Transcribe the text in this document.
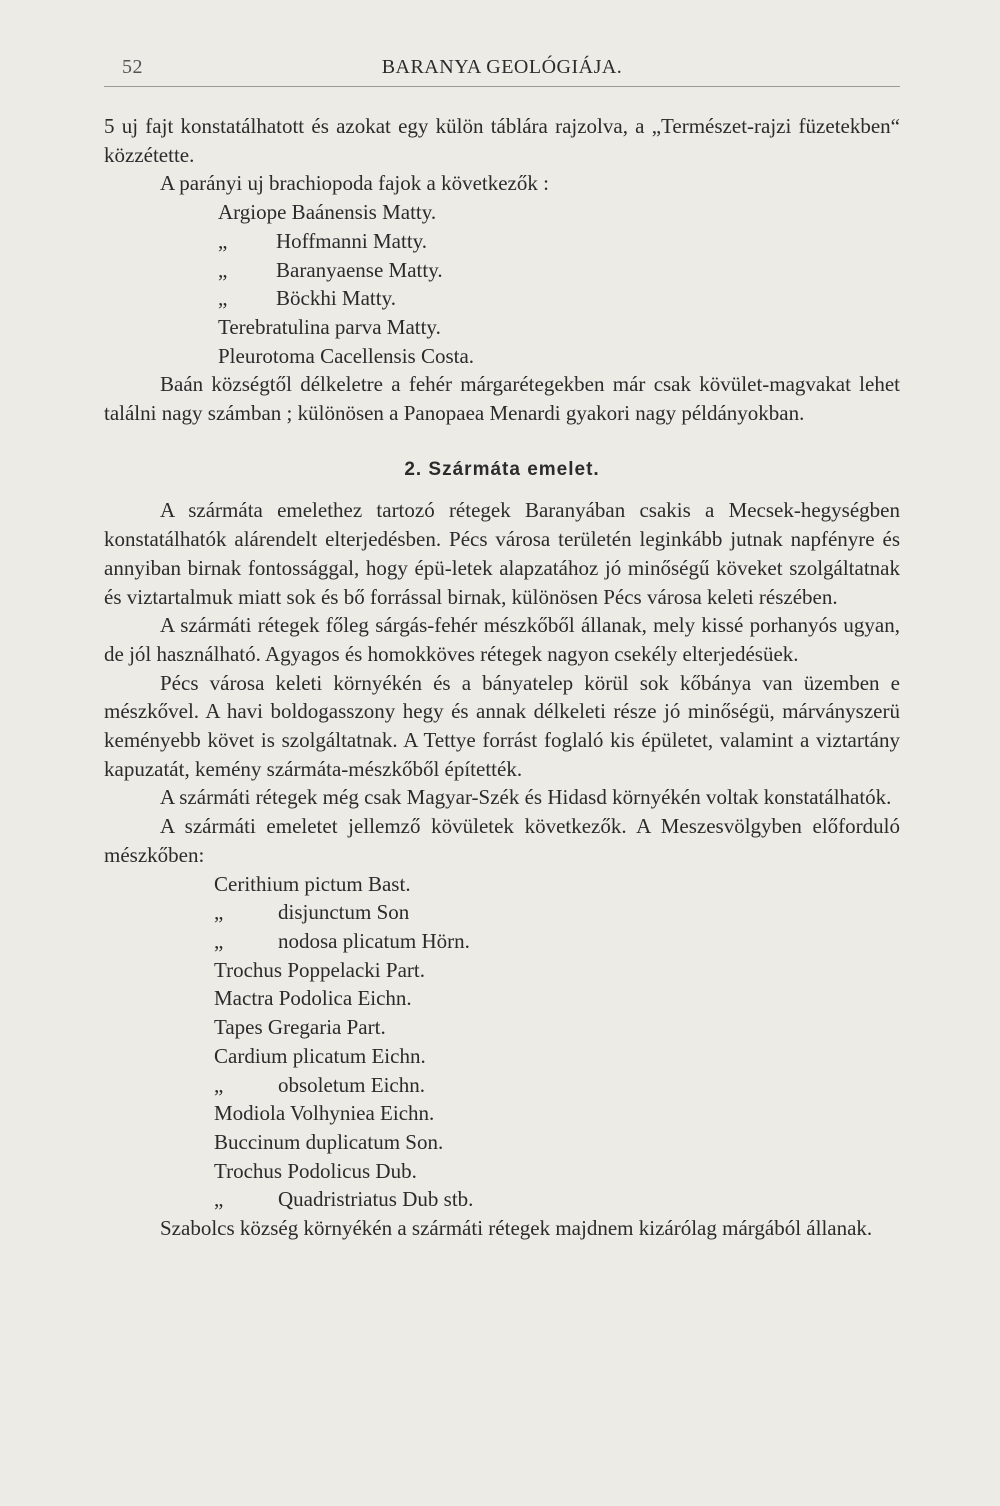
52	BARANYA GEOLÓGIÁJA.

5 uj fajt konstatálhatott és azokat egy külön táblára rajzolva, a „Természet-rajzi füzetekben“ közzétette.

A parányi uj brachiopoda fajok a következők :

Argiope Baánensis Matty.

„ Hoffmanni Matty.

„ Baranyaense Matty.

„ Böckhi Matty.

Terebratulina parva Matty.

Pleurotoma Cacellensis Costa.

Baán községtől délkeletre a fehér márgarétegekben már csak kövület-magvakat lehet találni nagy számban ; különösen a Panopaea Menardi gyakori nagy példányokban.

2. Szármáta emelet.

A szármáta emelethez tartozó rétegek Baranyában csakis a Mecsek-hegységben konstatálhatók alárendelt elterjedésben. Pécs városa területén leginkább jutnak napfényre és annyiban birnak fontossággal, hogy épü-letek alapzatához jó minőségű köveket szolgáltatnak és viztartalmuk miatt sok és bő forrással birnak, különösen Pécs városa keleti részében.

A szármáti rétegek főleg sárgás-fehér mészkőből állanak, mely kissé porhanyós ugyan, de jól használható. Agyagos és homokköves rétegek nagyon csekély elterjedésüek.

Pécs városa keleti környékén és a bányatelep körül sok kőbánya van üzemben e mészkővel. A havi boldogasszony hegy és annak délkeleti része jó minőségü, márványszerü keményebb követ is szolgáltatnak. A Tettye forrást foglaló kis épületet, valamint a viztartány kapuzatát, kemény szármáta-mészkőből építették.

A szármáti rétegek még csak Magyar-Szék és Hidasd környékén voltak konstatálhatók.

A szármáti emeletet jellemző kövületek következők. A Meszesvölgyben előforduló mészkőben:

Cerithium pictum Bast.

„	disjunctum Son

„	nodosa plicatum Hörn.

Trochus Poppelacki Part.

Mactra Podolica Eichn.

Tapes Gregaria Part.

Cardium plicatum Eichn.

„	obsoletum Eichn.

Modiola Volhyniea Eichn.

Buccinum duplicatum Son.

Trochus Podolicus Dub.

„	Quadristriatus Dub stb.

Szabolcs község környékén a szármáti rétegek majdnem kizárólag márgából állanak.
